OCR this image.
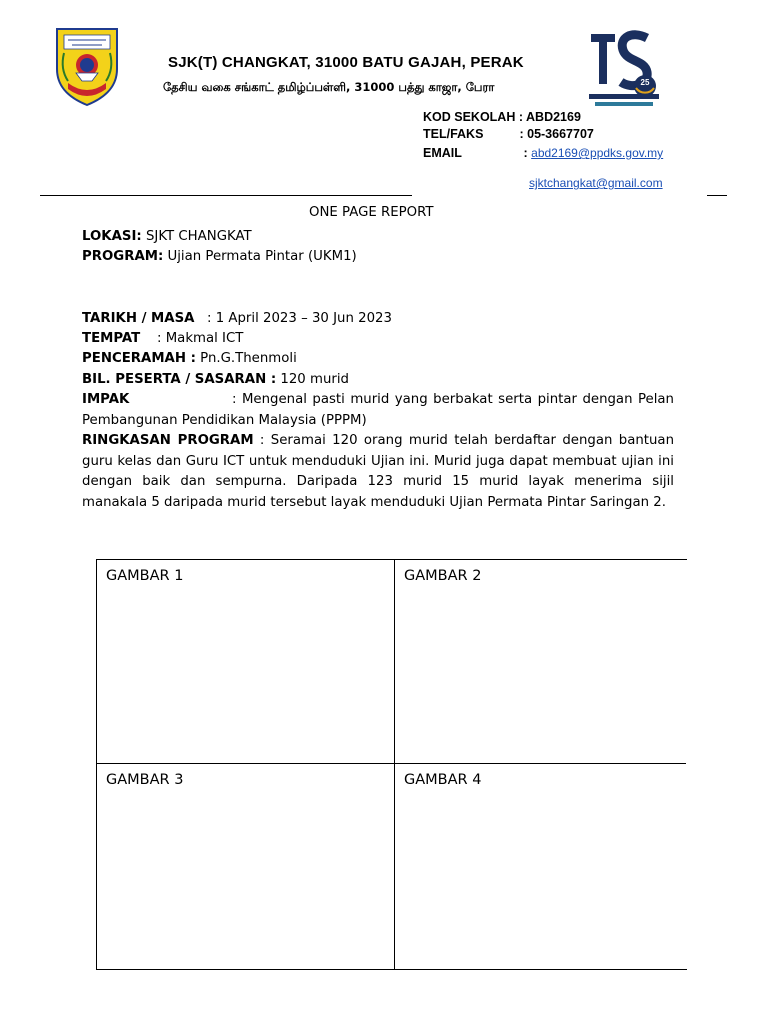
SJK(T) CHANGKAT, 31000 BATU GAJAH, PERAK
தேசிய வகை சங்காட் தமிழ்ப்பள்ளி, 31000 பத்து காஜா, பேரா	25
KOD SEKOLAH : ABD2169
TEL/FAKS	: 05-3667707
EMAIL	: abd2169@ppdks.gov.my
sjktchangkat@gmail.com
ONE PAGE REPORT
LOKASI: SJKT CHANGKAT
PROGRAM: Ujian Permata Pintar (UKM1)
TARIKH / MASA : 1 April 2023 – 30 Jun 2023
TEMPAT : Makmal ICT
PENCERAMAH : Pn.G.Thenmoli
BIL. PESERTA / SASARAN : 120 murid
IMPAK	: Mengenal pasti murid yang berbakat serta pintar dengan Pelan Pembangunan Pendidikan Malaysia (PPPM)
RINGKASAN PROGRAM : Seramai 120 orang murid telah berdaftar dengan bantuan guru kelas dan Guru ICT untuk menduduki Ujian ini. Murid juga dapat membuat ujian ini dengan baik dan sempurna. Daripada 123 murid 15 murid layak menerima sijil manakala 5 daripada murid tersebut layak menduduki Ujian Permata Pintar Saringan 2.
GAMBAR 1	GAMBAR 2
GAMBAR 3	GAMBAR 4
